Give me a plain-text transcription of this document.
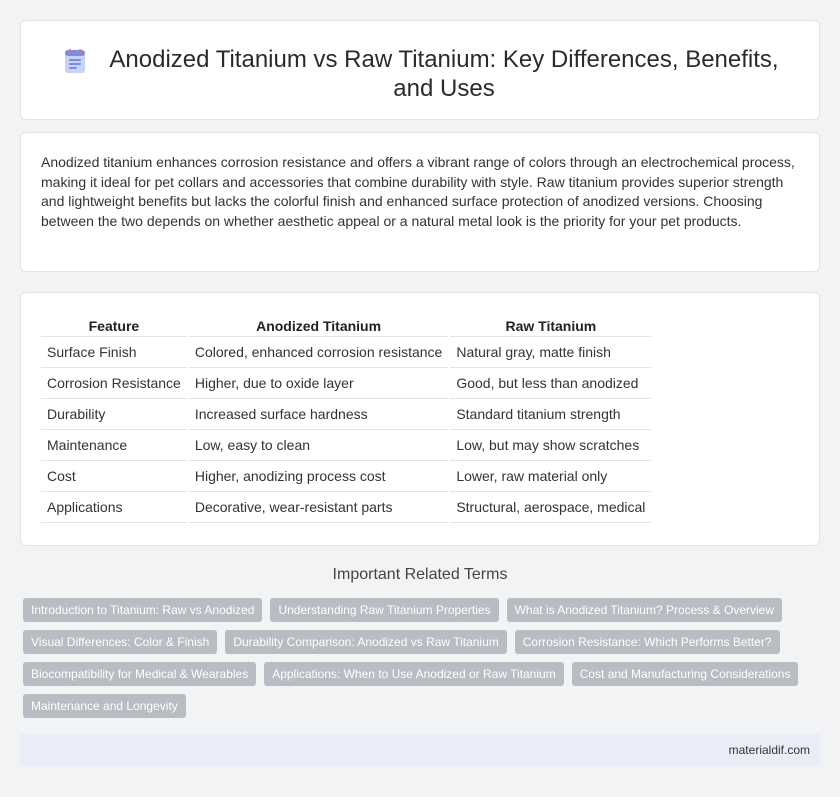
Anodized Titanium vs Raw Titanium: Key Differences, Benefits, and Uses

Anodized titanium enhances corrosion resistance and offers a vibrant range of colors through an electrochemical process, making it ideal for pet collars and accessories that combine durability with style. Raw titanium provides superior strength and lightweight benefits but lacks the colorful finish and enhanced surface protection of anodized versions. Choosing between the two depends on whether aesthetic appeal or a natural metal look is the priority for your pet products.

Feature	Anodized Titanium	Raw Titanium
Surface Finish	Colored, enhanced corrosion resistance	Natural gray, matte finish
Corrosion Resistance	Higher, due to oxide layer	Good, but less than anodized
Durability	Increased surface hardness	Standard titanium strength
Maintenance	Low, easy to clean	Low, but may show scratches
Cost	Higher, anodizing process cost	Lower, raw material only
Applications	Decorative, wear-resistant parts	Structural, aerospace, medical
Important Related Terms
Introduction to Titanium: Raw vs Anodized	Understanding Raw Titanium Properties	What is Anodized Titanium? Process & Overview
Visual Differences: Color & Finish	Durability Comparison: Anodized vs Raw Titanium	Corrosion Resistance: Which Performs Better?
Biocompatibility for Medical & Wearables	Applications: When to Use Anodized or Raw Titanium	Cost and Manufacturing Considerations
Maintenance and Longevity
materialdif.com
